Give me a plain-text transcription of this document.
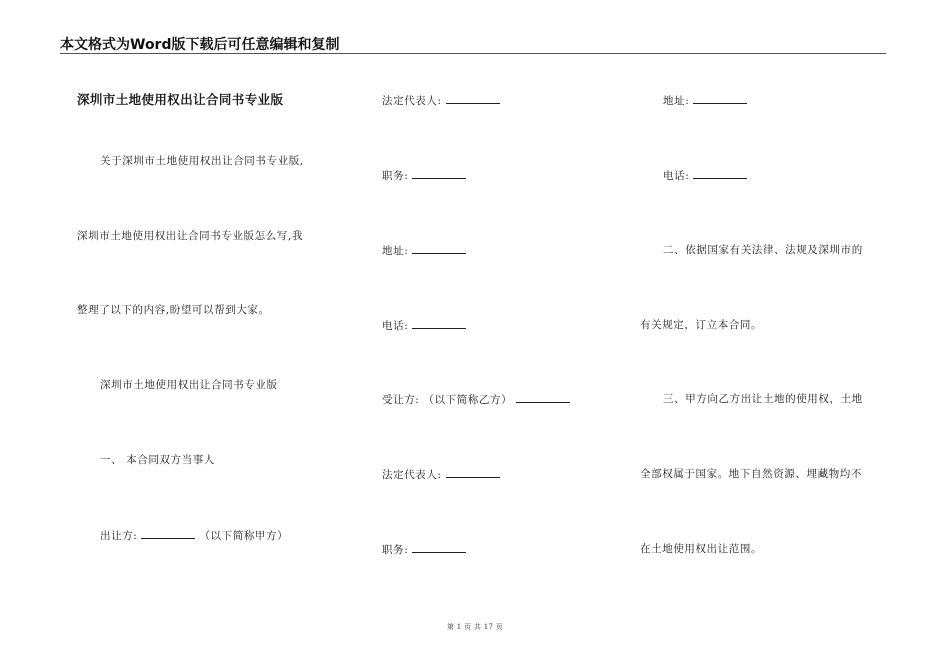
本文格式为Word版下载后可任意编辑和复制
深圳市土地使用权出让合同书专业版
关于深圳市土地使用权出让合同书专业版,
深圳市土地使用权出让合同书专业版怎么写,我
整理了以下的内容,盼望可以帮到大家。
深圳市土地使用权出让合同书专业版
一、 本合同双方当事人
出让方:	（以下简称甲方）
法定代表人:
职务:
地址:
电话:
受让方: （以下简称乙方）
法定代表人:
职务:
地址:
电话:
二、依据国家有关法律、法规及深圳市的
有关规定，订立本合同。
三、甲方向乙方出让土地的使用权，土地
全部权属于国家。地下自然资源、埋藏物均不
在土地使用权出让范围。
第 1 页 共 17 页
